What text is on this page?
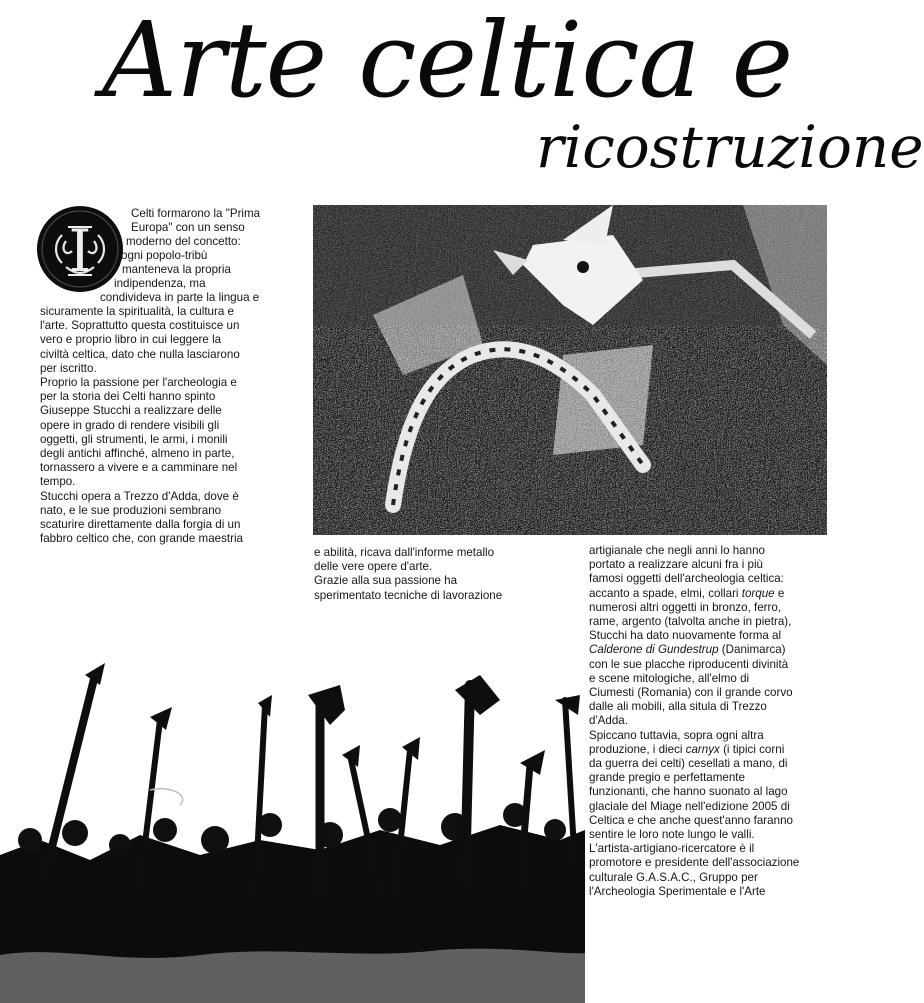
Arte celtica e
ricostruzione
I
Celti formarono la "Prima
Europa" con un senso
moderno del concetto:
ogni popolo-tribù
manteneva la propria
indipendenza, ma
condivideva in parte la lingua e
sicuramente la spiritualità, la cultura e
l'arte. Soprattutto questa costituisce un
vero e proprio libro in cui leggere la
civiltà celtica, dato che nulla lasciarono
per iscritto.
Proprio la passione per l'archeologia e
per la storia dei Celti hanno spinto
Giuseppe Stucchi a realizzare delle
opere in grado di rendere visibili gli
oggetti, gli strumenti, le armi, i monili
degli antichi affinché, almeno in parte,
tornassero a vivere e a camminare nel
tempo.
Stucchi opera a Trezzo d'Adda, dove è
nato, e le sue produzioni sembrano
scaturire direttamente dalla forgia di un
fabbro celtico che, con grande maestria
e abilità, ricava dall'informe metallo
delle vere opere d'arte.
Grazie alla sua passione ha
sperimentato tecniche di lavorazione
artigianale che negli anni lo hanno
portato a realizzare alcuni fra i più
famosi oggetti dell'archeologia celtica:
accanto a spade, elmi, collari torque e
numerosi altri oggetti in bronzo, ferro,
rame, argento (talvolta anche in pietra),
Stucchi ha dato nuovamente forma al
Calderone di Gundestrup (Danimarca)
con le sue placche riproducenti divinità
e scene mitologiche, all'elmo di
Ciumesti (Romania) con il grande corvo
dalle ali mobili, alla situla di Trezzo
d'Adda.
Spiccano tuttavia, sopra ogni altra
produzione, i dieci carnyx (i tipici corni
da guerra dei celti) cesellati a mano, di
grande pregio e perfettamente
funzionanti, che hanno suonato al lago
glaciale del Miage nell'edizione 2005 di
Celtica e che anche quest'anno faranno
sentire le loro note lungo le valli.
L'artista-artigiano-ricercatore è il
promotore e presidente dell'associazione
culturale G.A.S.A.C., Gruppo per
l'Archeologia Sperimentale e l'Arte
